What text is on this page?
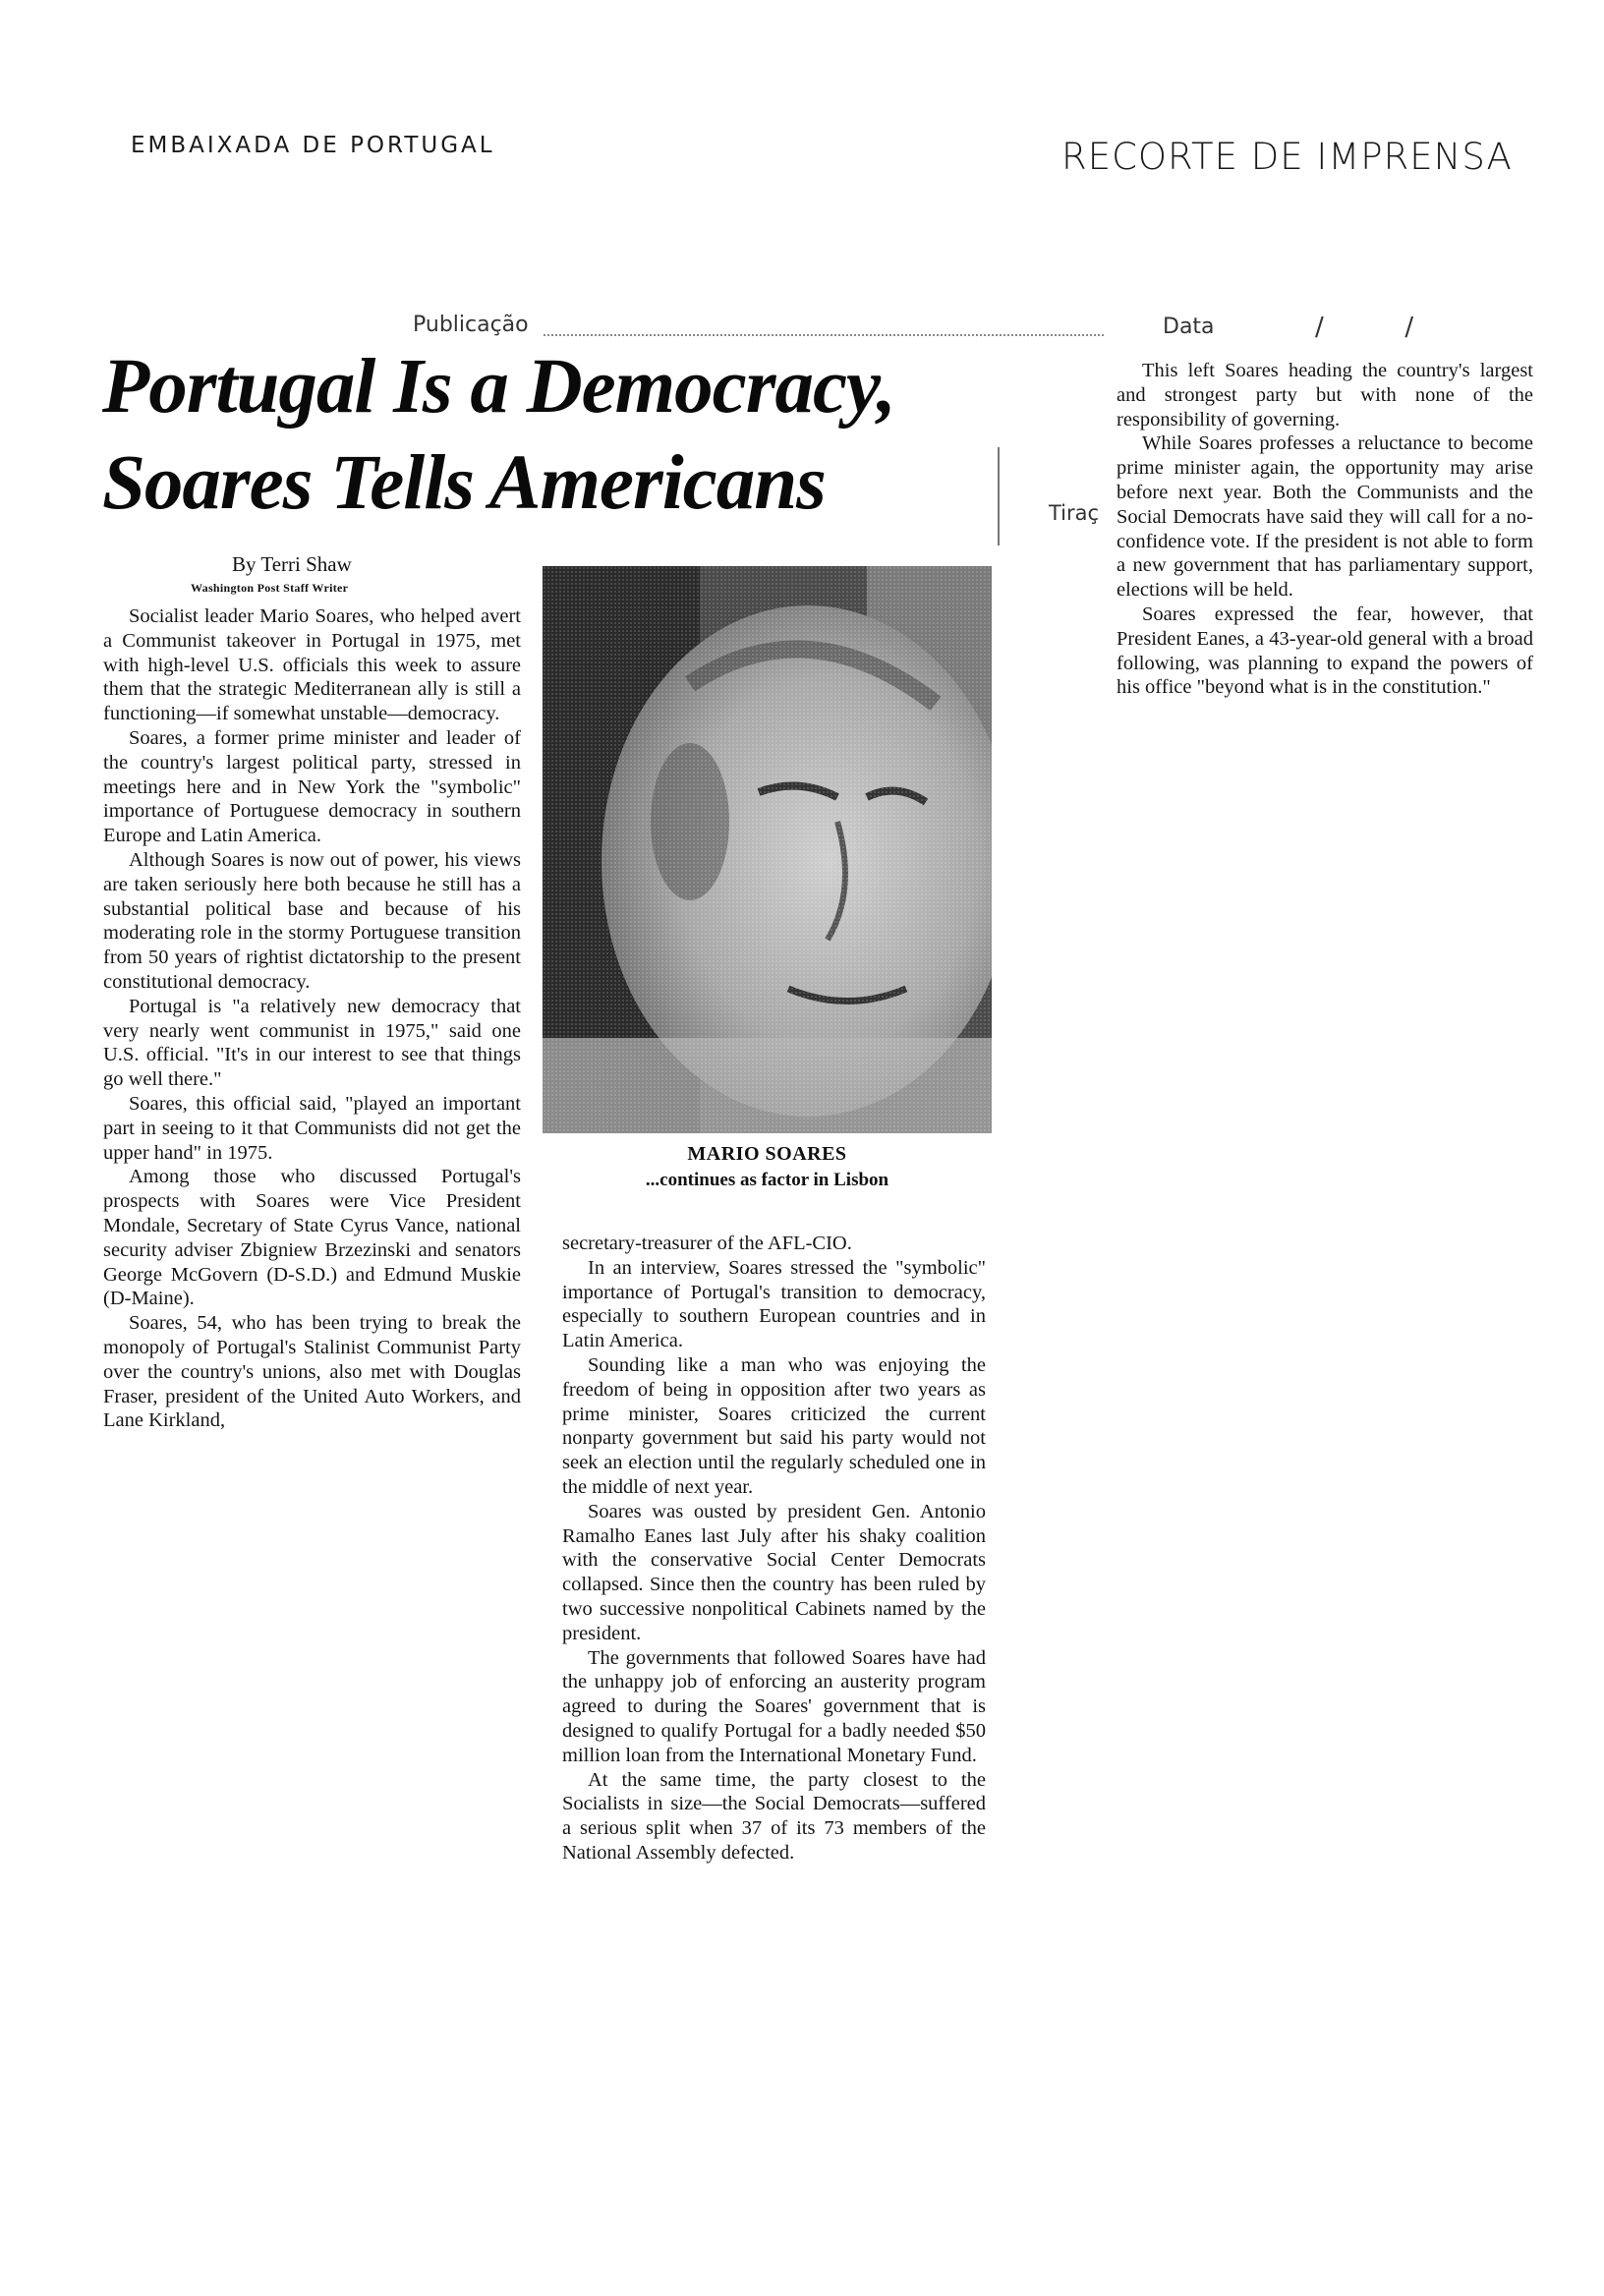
EMBAIXADA DE PORTUGAL	RECORTE DE IMPRENSA
Publicação	Data	/          /
Portugal Is a Democracy,
Soares Tells Americans
By Terri Shaw
Washington Post Staff Writer

Socialist leader Mario Soares, who helped avert a Communist takeover in Portugal in 1975, met with high-level U.S. officials this week to assure them that the strategic Mediterranean ally is still a functioning—if somewhat unstable—democracy.

Soares, a former prime minister and leader of the country's largest political party, stressed in meetings here and in New York the "symbolic" importance of Portuguese democracy in southern Europe and Latin America.

Although Soares is now out of power, his views are taken seriously here both because he still has a substantial political base and because of his moderating role in the stormy Portuguese transition from 50 years of rightist dictatorship to the present constitutional democracy.

Portugal is "a relatively new democracy that very nearly went communist in 1975," said one U.S. official. "It's in our interest to see that things go well there."

Soares, this official said, "played an important part in seeing to it that Communists did not get the upper hand" in 1975.

Among those who discussed Portugal's prospects with Soares were Vice President Mondale, Secretary of State Cyrus Vance, national security adviser Zbigniew Brzezinski and senators George McGovern (D-S.D.) and Edmund Muskie (D-Maine).

Soares, 54, who has been trying to break the monopoly of Portugal's Stalinist Communist Party over the country's unions, also met with Douglas Fraser, president of the United Auto Workers, and Lane Kirkland,

MARIO SOARES
...continues as factor in Lisbon

secretary-treasurer of the AFL-CIO.

In an interview, Soares stressed the "symbolic" importance of Portugal's transition to democracy, especially to southern European countries and in Latin America.

Sounding like a man who was enjoying the freedom of being in opposition after two years as prime minister, Soares criticized the current nonparty government but said his party would not seek an election until the regularly scheduled one in the middle of next year.

Soares was ousted by president Gen. Antonio Ramalho Eanes last July after his shaky coalition with the conservative Social Center Democrats collapsed. Since then the country has been ruled by two successive nonpolitical Cabinets named by the president.

The governments that followed Soares have had the unhappy job of enforcing an austerity program agreed to during the Soares' government that is designed to qualify Portugal for a badly needed $50 million loan from the International Monetary Fund.

At the same time, the party closest to the Socialists in size—the Social Democrats—suffered a serious split when 37 of its 73 members of the National Assembly defected.

Tiraç

This left Soares heading the country's largest and strongest party but with none of the responsibility of governing.

While Soares professes a reluctance to become prime minister again, the opportunity may arise before next year. Both the Communists and the Social Democrats have said they will call for a no-confidence vote. If the president is not able to form a new government that has parliamentary support, elections will be held.

Soares expressed the fear, however, that President Eanes, a 43-year-old general with a broad following, was planning to expand the powers of his office "beyond what is in the constitution."
